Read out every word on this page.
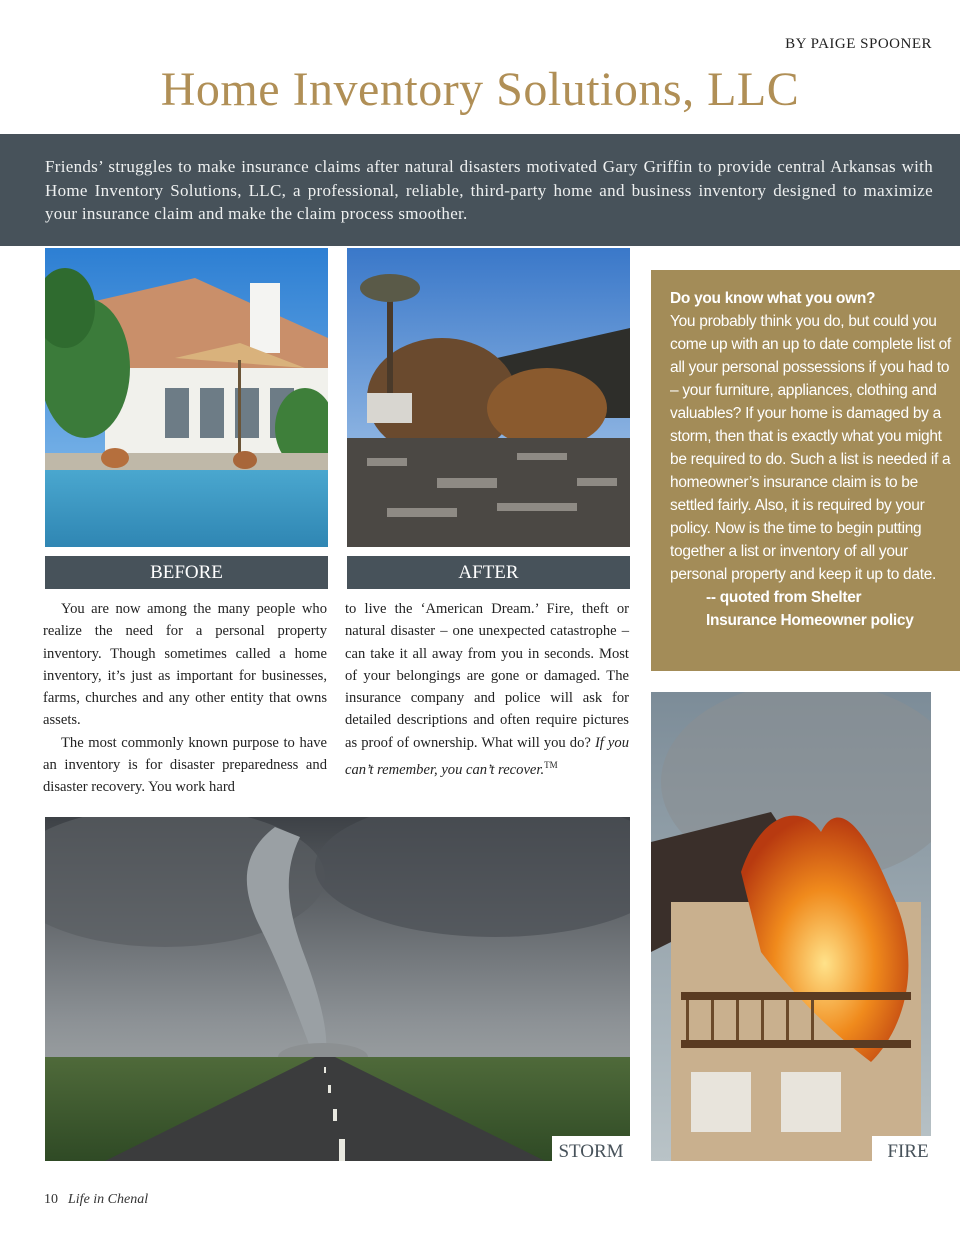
BY PAIGE SPOONER
Home Inventory Solutions, LLC
Friends’ struggles to make insurance claims after natural disasters motivated Gary Griffin to provide central Arkansas with Home Inventory Solutions, LLC, a professional, reliable, third-party home and business inventory designed to maximize your insurance claim and make the claim process smoother.
BEFORE	AFTER

You are now among the many people who realize the need for a personal property inventory. Though sometimes called a home inventory, it’s just as important for businesses, farms, churches and any other entity that owns assets.

The most commonly known purpose to have an inventory is for disaster preparedness and disaster recovery. You work hard

to live the ‘American Dream.’ Fire, theft or natural disaster – one unexpected catastrophe – can take it all away from you in seconds. Most of your belongings are gone or damaged. The insurance company and police will ask for detailed descriptions and often require pictures as proof of ownership. What will you do? If you can’t remember, you can’t recover.™

Do you know what you own?
You probably think you do, but could you come up with an up to date complete list of all your personal possessions if you had to – your furniture, appliances, clothing and valuables? If your home is damaged by a storm, then that is exactly what you might be required to do. Such a list is needed if a homeowner’s insurance claim is to be settled fairly. Also, it is required by your policy. Now is the time to begin putting together a list or inventory of all your personal property and keep it up to date.
-- quoted from Shelter
Insurance Homeowner policy
STORM	FIRE
10 Life in Chenal
